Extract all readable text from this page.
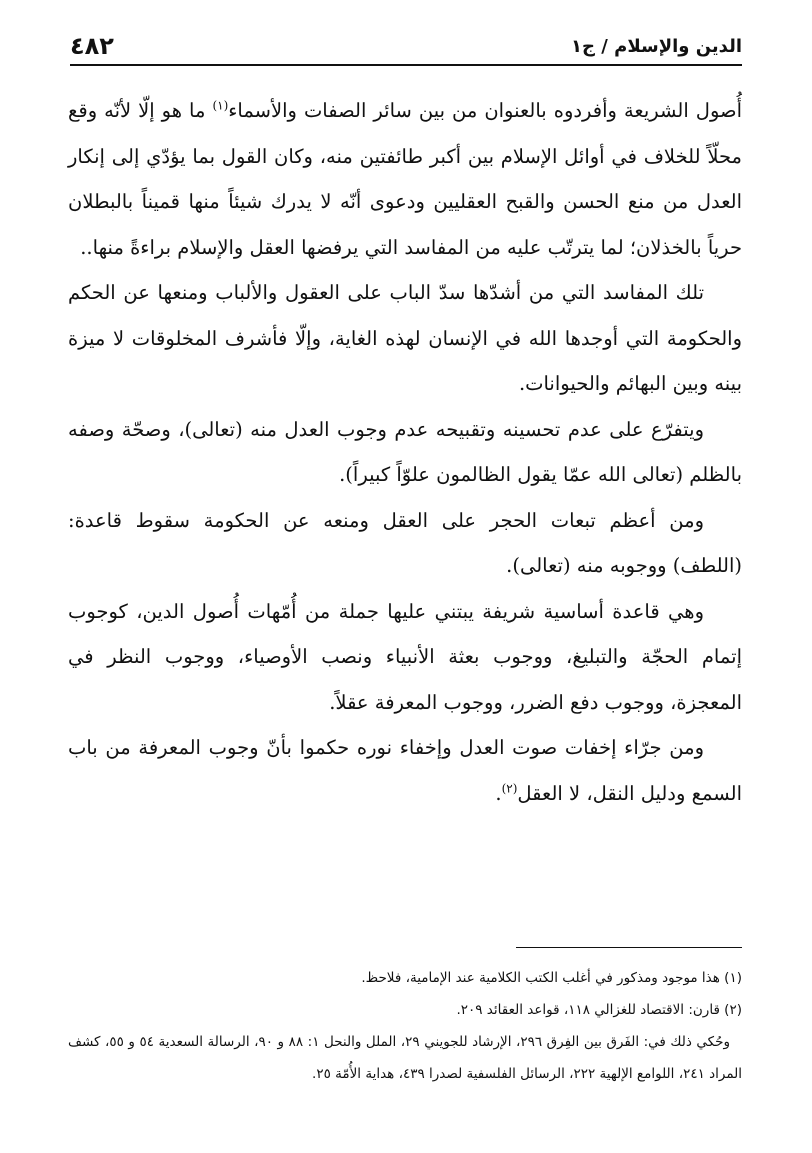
الدين والإسلام / ج١
٤٨٢

أُصول الشريعة وأفردوه بالعنوان من بين سائر الصفات والأسماء$^{(١)}$ ما هو إلّا لأنّه وقع محلّاً للخلاف في أوائل الإسلام بين أكبر طائفتين منه، وكان القول بما يؤدّي إلى إنكار العدل من منع الحسن والقبح العقليين ودعوى أنّه لا يدرك شيئاً منها قميناً بالبطلان حرياً بالخذلان؛ لما يترتّب عليه من المفاسد التي يرفضها العقل والإسلام براءةً منها..

تلك المفاسد التي من أشدّها سدّ الباب على العقول والألباب ومنعها عن الحكم والحكومة التي أوجدها الله في الإنسان لهذه الغاية، وإلّا فأشرف المخلوقات لا ميزة بينه وبين البهائم والحيوانات.

ويتفرّع على عدم تحسينه وتقبيحه عدم وجوب العدل منه (تعالى)، وصحّة وصفه بالظلم (تعالى الله عمّا يقول الظالمون علوّاً كبيراً).

ومن أعظم تبعات الحجر على العقل ومنعه عن الحكومة سقوط قاعدة: (اللطف) ووجوبه منه (تعالى).

وهي قاعدة أساسية شريفة يبتني عليها جملة من أُمّهات أُصول الدين، كوجوب إتمام الحجّة والتبليغ، ووجوب بعثة الأنبياء ونصب الأوصياء، ووجوب النظر في المعجزة، ووجوب دفع الضرر، ووجوب المعرفة عقلاً.

ومن جرّاء إخفات صوت العدل وإخفاء نوره حكموا بأنّ وجوب المعرفة من باب السمع ودليل النقل، لا العقل$^{(٢)}$.

(١) هذا موجود ومذكور في أغلب الكتب الكلامية عند الإمامية، فلاحظ.

(٢) قارن: الاقتصاد للغزالي ١١٨، قواعد العقائد ٢٠٩.

وحُكي ذلك في: الفَرق بين الفِرق ٢٩٦، الإرشاد للجويني ٢٩، الملل والنحل ١: ٨٨ و ٩٠، الرسالة السعدية ٥٤ و ٥٥، كشف المراد ٢٤١، اللوامع الإلهية ٢٢٢، الرسائل الفلسفية لصدرا ٤٣٩، هداية الأُمّة ٢٥.
